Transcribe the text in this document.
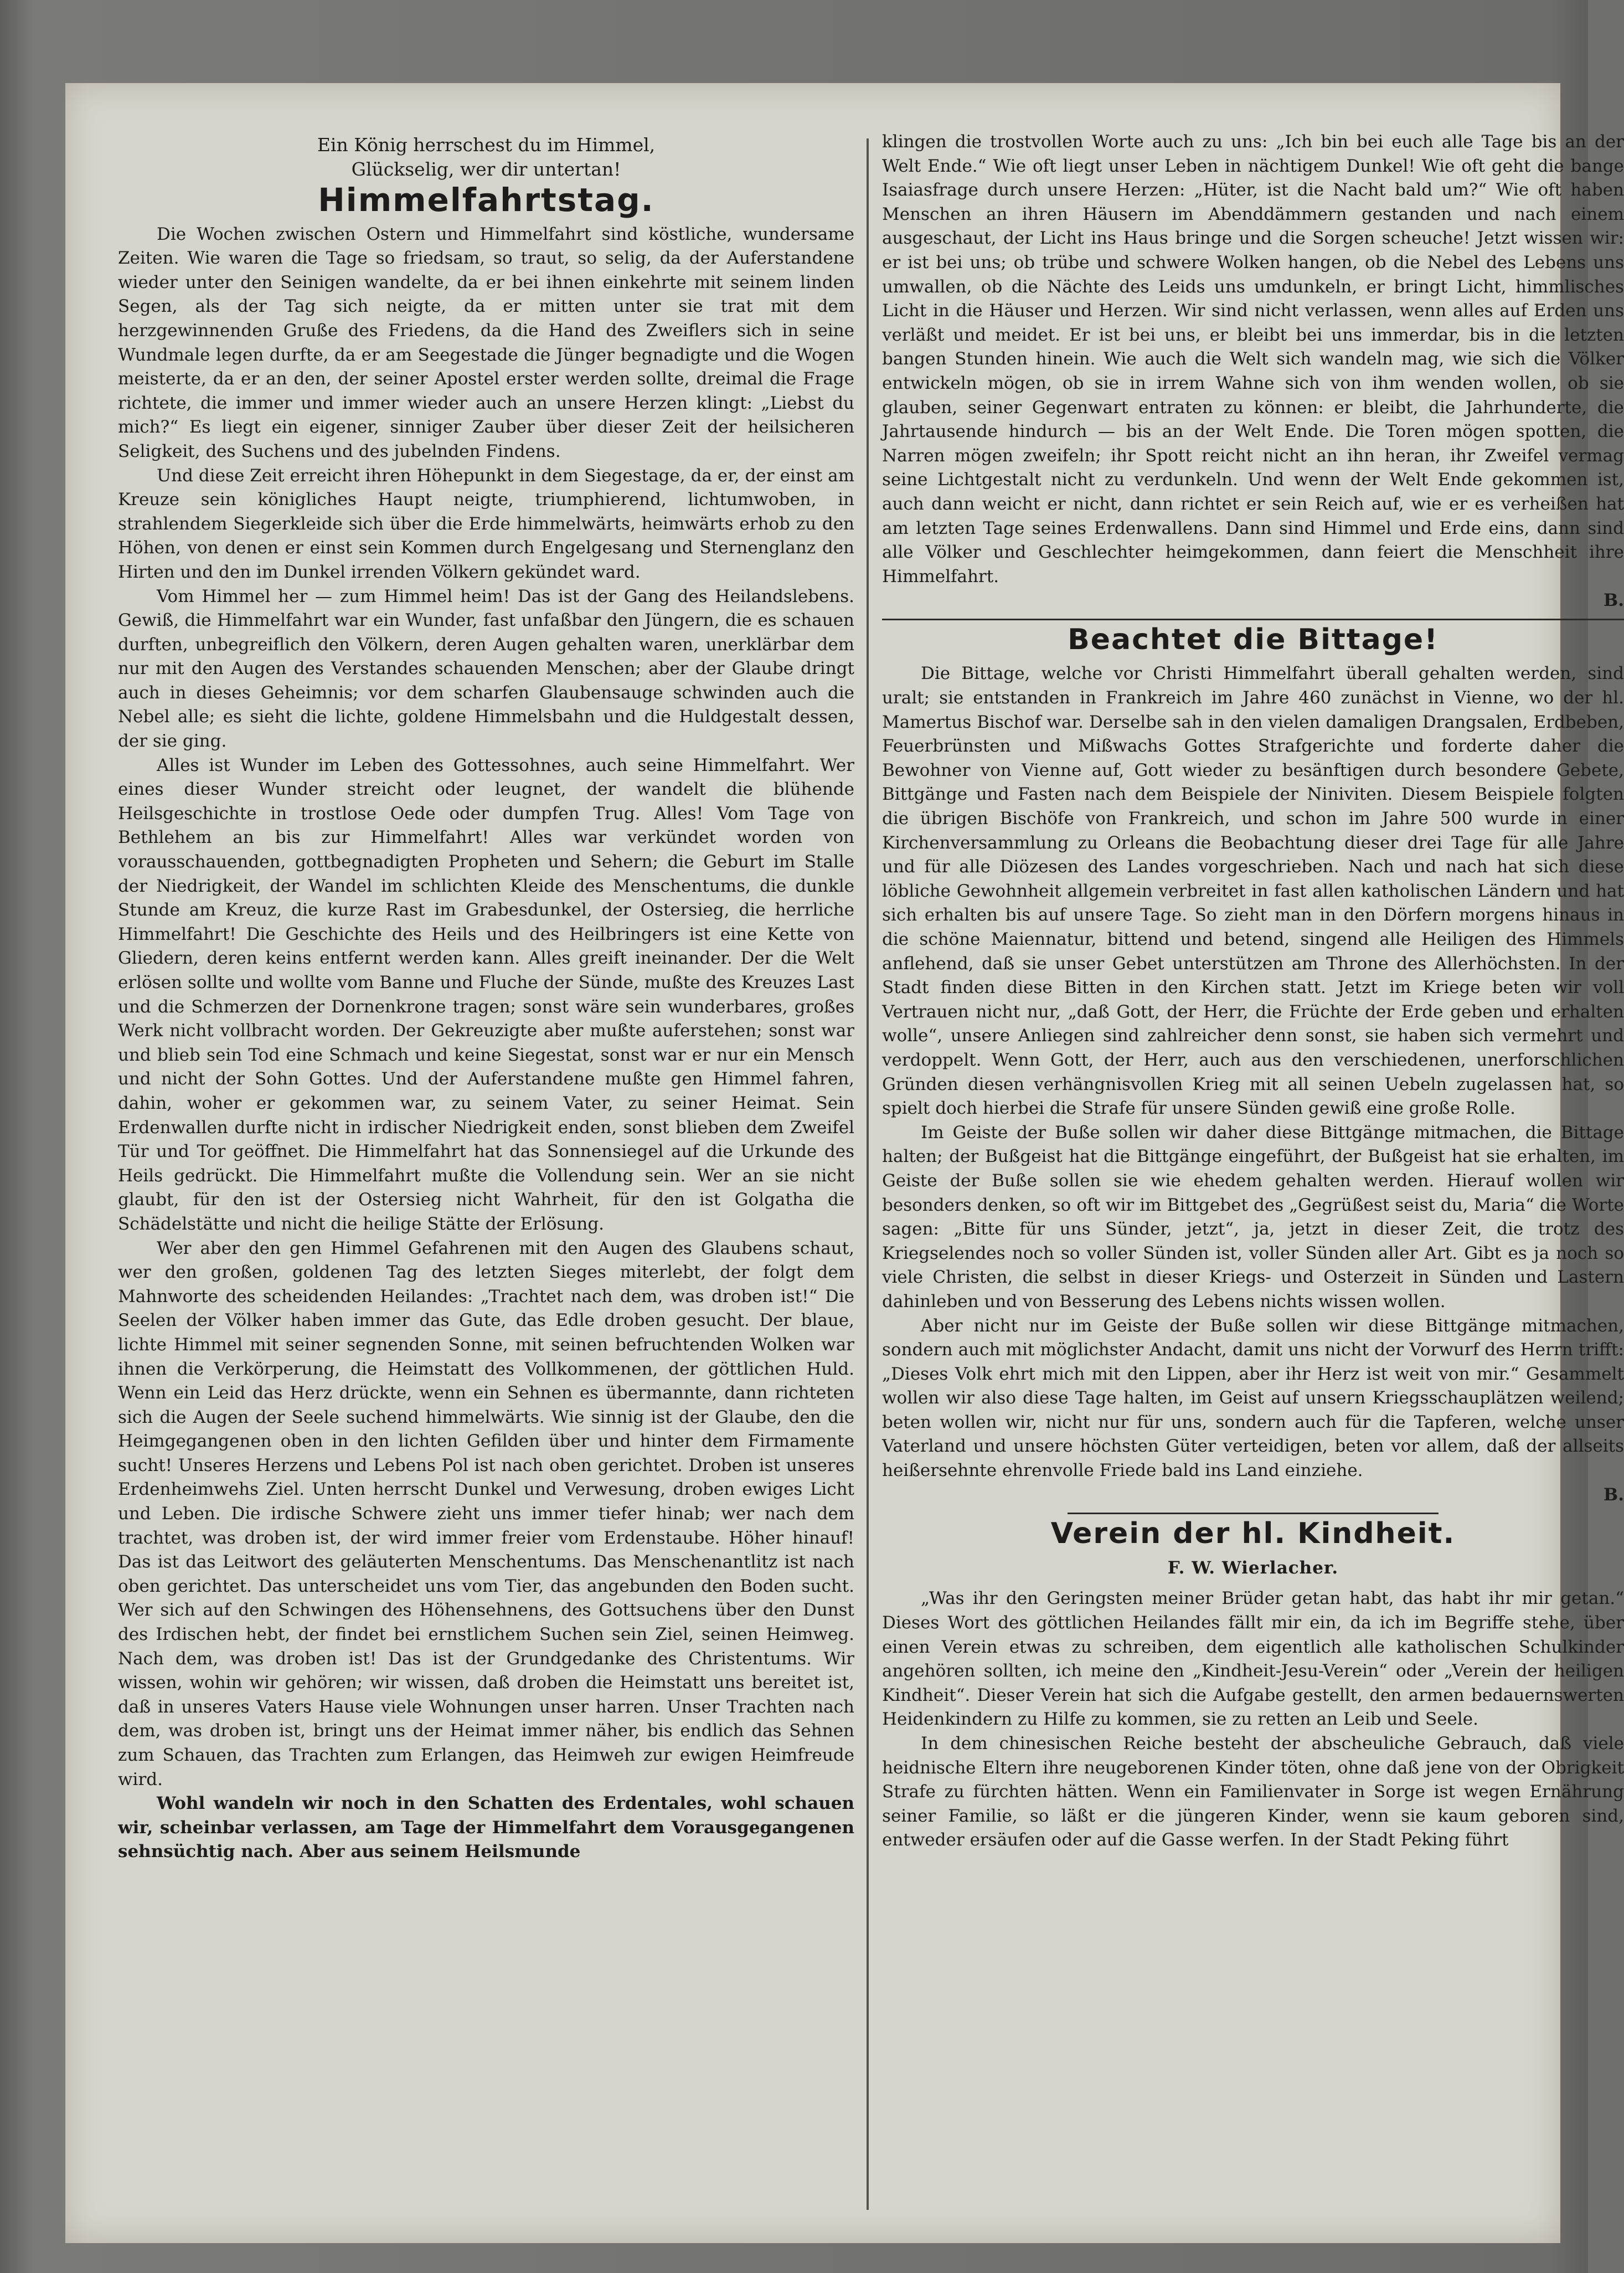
Ein König herrschest du im Himmel,
Glückselig, wer dir untertan!
Himmelfahrtstag.

Die Wochen zwischen Ostern und Himmelfahrt sind köstliche, wundersame Zeiten. Wie waren die Tage so friedsam, so traut, so selig, da der Auferstandene wieder unter den Seinigen wandelte, da er bei ihnen einkehrte mit seinem linden Segen, als der Tag sich neigte, da er mitten unter sie trat mit dem herzgewinnenden Gruße des Friedens, da die Hand des Zweiflers sich in seine Wundmale legen durfte, da er am Seegestade die Jünger begnadigte und die Wogen meisterte, da er an den, der seiner Apostel erster werden sollte, dreimal die Frage richtete, die immer und immer wieder auch an unsere Herzen klingt: „Liebst du mich?“ Es liegt ein eigener, sinniger Zauber über dieser Zeit der heilsicheren Seligkeit, des Suchens und des jubelnden Findens.

Und diese Zeit erreicht ihren Höhepunkt in dem Siegestage, da er, der einst am Kreuze sein königliches Haupt neigte, triumphierend, lichtumwoben, in strahlendem Siegerkleide sich über die Erde himmelwärts, heimwärts erhob zu den Höhen, von denen er einst sein Kommen durch Engelgesang und Sternenglanz den Hirten und den im Dunkel irrenden Völkern gekündet ward.

Vom Himmel her — zum Himmel heim! Das ist der Gang des Heilandslebens. Gewiß, die Himmelfahrt war ein Wunder, fast unfaßbar den Jüngern, die es schauen durften, unbegreiflich den Völkern, deren Augen gehalten waren, unerklärbar dem nur mit den Augen des Verstandes schauenden Menschen; aber der Glaube dringt auch in dieses Geheimnis; vor dem scharfen Glaubensauge schwinden auch die Nebel alle; es sieht die lichte, goldene Himmelsbahn und die Huldgestalt dessen, der sie ging.

Alles ist Wunder im Leben des Gottessohnes, auch seine Himmelfahrt. Wer eines dieser Wunder streicht oder leugnet, der wandelt die blühende Heilsgeschichte in trostlose Oede oder dumpfen Trug. Alles! Vom Tage von Bethlehem an bis zur Himmelfahrt! Alles war verkündet worden von vorausschauenden, gottbegnadigten Propheten und Sehern; die Geburt im Stalle der Niedrigkeit, der Wandel im schlichten Kleide des Menschentums, die dunkle Stunde am Kreuz, die kurze Rast im Grabesdunkel, der Ostersieg, die herrliche Himmelfahrt! Die Geschichte des Heils und des Heilbringers ist eine Kette von Gliedern, deren keins entfernt werden kann. Alles greift ineinander. Der die Welt erlösen sollte und wollte vom Banne und Fluche der Sünde, mußte des Kreuzes Last und die Schmerzen der Dornenkrone tragen; sonst wäre sein wunderbares, großes Werk nicht vollbracht worden. Der Gekreuzigte aber mußte auferstehen; sonst war und blieb sein Tod eine Schmach und keine Siegestat, sonst war er nur ein Mensch und nicht der Sohn Gottes. Und der Auferstandene mußte gen Himmel fahren, dahin, woher er gekommen war, zu seinem Vater, zu seiner Heimat. Sein Erdenwallen durfte nicht in irdischer Niedrigkeit enden, sonst blieben dem Zweifel Tür und Tor geöffnet. Die Himmelfahrt hat das Sonnensiegel auf die Urkunde des Heils gedrückt. Die Himmelfahrt mußte die Vollendung sein. Wer an sie nicht glaubt, für den ist der Ostersieg nicht Wahrheit, für den ist Golgatha die Schädelstätte und nicht die heilige Stätte der Erlösung.

Wer aber den gen Himmel Gefahrenen mit den Augen des Glaubens schaut, wer den großen, goldenen Tag des letzten Sieges miterlebt, der folgt dem Mahnworte des scheidenden Heilandes: „Trachtet nach dem, was droben ist!“ Die Seelen der Völker haben immer das Gute, das Edle droben gesucht. Der blaue, lichte Himmel mit seiner segnenden Sonne, mit seinen befruchtenden Wolken war ihnen die Verkörperung, die Heimstatt des Vollkommenen, der göttlichen Huld. Wenn ein Leid das Herz drückte, wenn ein Sehnen es übermannte, dann richteten sich die Augen der Seele suchend himmelwärts. Wie sinnig ist der Glaube, den die Heimgegangenen oben in den lichten Gefilden über und hinter dem Firmamente sucht! Unseres Herzens und Lebens Pol ist nach oben gerichtet. Droben ist unseres Erdenheimwehs Ziel. Unten herrscht Dunkel und Verwesung, droben ewiges Licht und Leben. Die irdische Schwere zieht uns immer tiefer hinab; wer nach dem trachtet, was droben ist, der wird immer freier vom Erdenstaube. Höher hinauf! Das ist das Leitwort des geläuterten Menschentums. Das Menschenantlitz ist nach oben gerichtet. Das unterscheidet uns vom Tier, das angebunden den Boden sucht. Wer sich auf den Schwingen des Höhensehnens, des Gottsuchens über den Dunst des Irdischen hebt, der findet bei ernstlichem Suchen sein Ziel, seinen Heimweg. Nach dem, was droben ist! Das ist der Grundgedanke des Christentums. Wir wissen, wohin wir gehören; wir wissen, daß droben die Heimstatt uns bereitet ist, daß in unseres Vaters Hause viele Wohnungen unser harren. Unser Trachten nach dem, was droben ist, bringt uns der Heimat immer näher, bis endlich das Sehnen zum Schauen, das Trachten zum Erlangen, das Heimweh zur ewigen Heimfreude wird.

Wohl wandeln wir noch in den Schatten des Erdentales, wohl schauen wir, scheinbar verlassen, am Tage der Himmelfahrt dem Vorausgegangenen sehnsüchtig nach. Aber aus seinem Heilsmunde

klingen die trostvollen Worte auch zu uns: „Ich bin bei euch alle Tage bis an der Welt Ende.“ Wie oft liegt unser Leben in nächtigem Dunkel! Wie oft geht die bange Isaiasfrage durch unsere Herzen: „Hüter, ist die Nacht bald um?“ Wie oft haben Menschen an ihren Häusern im Abenddämmern gestanden und nach einem ausgeschaut, der Licht ins Haus bringe und die Sorgen scheuche! Jetzt wissen wir: er ist bei uns; ob trübe und schwere Wolken hangen, ob die Nebel des Lebens uns umwallen, ob die Nächte des Leids uns umdunkeln, er bringt Licht, himmlisches Licht in die Häuser und Herzen. Wir sind nicht verlassen, wenn alles auf Erden uns verläßt und meidet. Er ist bei uns, er bleibt bei uns immerdar, bis in die letzten bangen Stunden hinein. Wie auch die Welt sich wandeln mag, wie sich die Völker entwickeln mögen, ob sie in irrem Wahne sich von ihm wenden wollen, ob sie glauben, seiner Gegenwart entraten zu können: er bleibt, die Jahrhunderte, die Jahrtausende hindurch — bis an der Welt Ende. Die Toren mögen spotten, die Narren mögen zweifeln; ihr Spott reicht nicht an ihn heran, ihr Zweifel vermag seine Lichtgestalt nicht zu verdunkeln. Und wenn der Welt Ende gekommen ist, auch dann weicht er nicht, dann richtet er sein Reich auf, wie er es verheißen hat am letzten Tage seines Erdenwallens. Dann sind Himmel und Erde eins, dann sind alle Völker und Geschlechter heimgekommen, dann feiert die Menschheit ihre Himmelfahrt.

B.
Beachtet die Bittage!

Die Bittage, welche vor Christi Himmelfahrt überall gehalten werden, sind uralt; sie entstanden in Frankreich im Jahre 460 zunächst in Vienne, wo der hl. Mamertus Bischof war. Derselbe sah in den vielen damaligen Drangsalen, Erdbeben, Feuerbrünsten und Mißwachs Gottes Strafgerichte und forderte daher die Bewohner von Vienne auf, Gott wieder zu besänftigen durch besondere Gebete, Bittgänge und Fasten nach dem Beispiele der Niniviten. Diesem Beispiele folgten die übrigen Bischöfe von Frankreich, und schon im Jahre 500 wurde in einer Kirchenversammlung zu Orleans die Beobachtung dieser drei Tage für alle Jahre und für alle Diözesen des Landes vorgeschrieben. Nach und nach hat sich diese löbliche Gewohnheit allgemein verbreitet in fast allen katholischen Ländern und hat sich erhalten bis auf unsere Tage. So zieht man in den Dörfern morgens hinaus in die schöne Maiennatur, bittend und betend, singend alle Heiligen des Himmels anflehend, daß sie unser Gebet unterstützen am Throne des Allerhöchsten. In der Stadt finden diese Bitten in den Kirchen statt. Jetzt im Kriege beten wir voll Vertrauen nicht nur, „daß Gott, der Herr, die Früchte der Erde geben und erhalten wolle“, unsere Anliegen sind zahlreicher denn sonst, sie haben sich vermehrt und verdoppelt. Wenn Gott, der Herr, auch aus den verschiedenen, unerforschlichen Gründen diesen verhängnisvollen Krieg mit all seinen Uebeln zugelassen hat, so spielt doch hierbei die Strafe für unsere Sünden gewiß eine große Rolle.

Im Geiste der Buße sollen wir daher diese Bittgänge mitmachen, die Bittage halten; der Bußgeist hat die Bittgänge eingeführt, der Bußgeist hat sie erhalten, im Geiste der Buße sollen sie wie ehedem gehalten werden. Hierauf wollen wir besonders denken, so oft wir im Bittgebet des „Gegrüßest seist du, Maria“ die Worte sagen: „Bitte für uns Sünder, jetzt“, ja, jetzt in dieser Zeit, die trotz des Kriegselendes noch so voller Sünden ist, voller Sünden aller Art. Gibt es ja noch so viele Christen, die selbst in dieser Kriegs- und Osterzeit in Sünden und Lastern dahinleben und von Besserung des Lebens nichts wissen wollen.

Aber nicht nur im Geiste der Buße sollen wir diese Bittgänge mitmachen, sondern auch mit möglichster Andacht, damit uns nicht der Vorwurf des Herrn trifft: „Dieses Volk ehrt mich mit den Lippen, aber ihr Herz ist weit von mir.“ Gesammelt wollen wir also diese Tage halten, im Geist auf unsern Kriegsschauplätzen weilend; beten wollen wir, nicht nur für uns, sondern auch für die Tapferen, welche unser Vaterland und unsere höchsten Güter verteidigen, beten vor allem, daß der allseits heißersehnte ehrenvolle Friede bald ins Land einziehe.

B.
Verein der hl. Kindheit.
F. W. Wierlacher.

„Was ihr den Geringsten meiner Brüder getan habt, das habt ihr mir getan.“ Dieses Wort des göttlichen Heilandes fällt mir ein, da ich im Begriffe stehe, über einen Verein etwas zu schreiben, dem eigentlich alle katholischen Schulkinder angehören sollten, ich meine den „Kindheit-Jesu-Verein“ oder „Verein der heiligen Kindheit“. Dieser Verein hat sich die Aufgabe gestellt, den armen bedauernswerten Heidenkindern zu Hilfe zu kommen, sie zu retten an Leib und Seele.

In dem chinesischen Reiche besteht der abscheuliche Gebrauch, daß viele heidnische Eltern ihre neugeborenen Kinder töten, ohne daß jene von der Obrigkeit Strafe zu fürchten hätten. Wenn ein Familienvater in Sorge ist wegen Ernährung seiner Familie, so läßt er die jüngeren Kinder, wenn sie kaum geboren sind, entweder ersäufen oder auf die Gasse werfen. In der Stadt Peking führt
